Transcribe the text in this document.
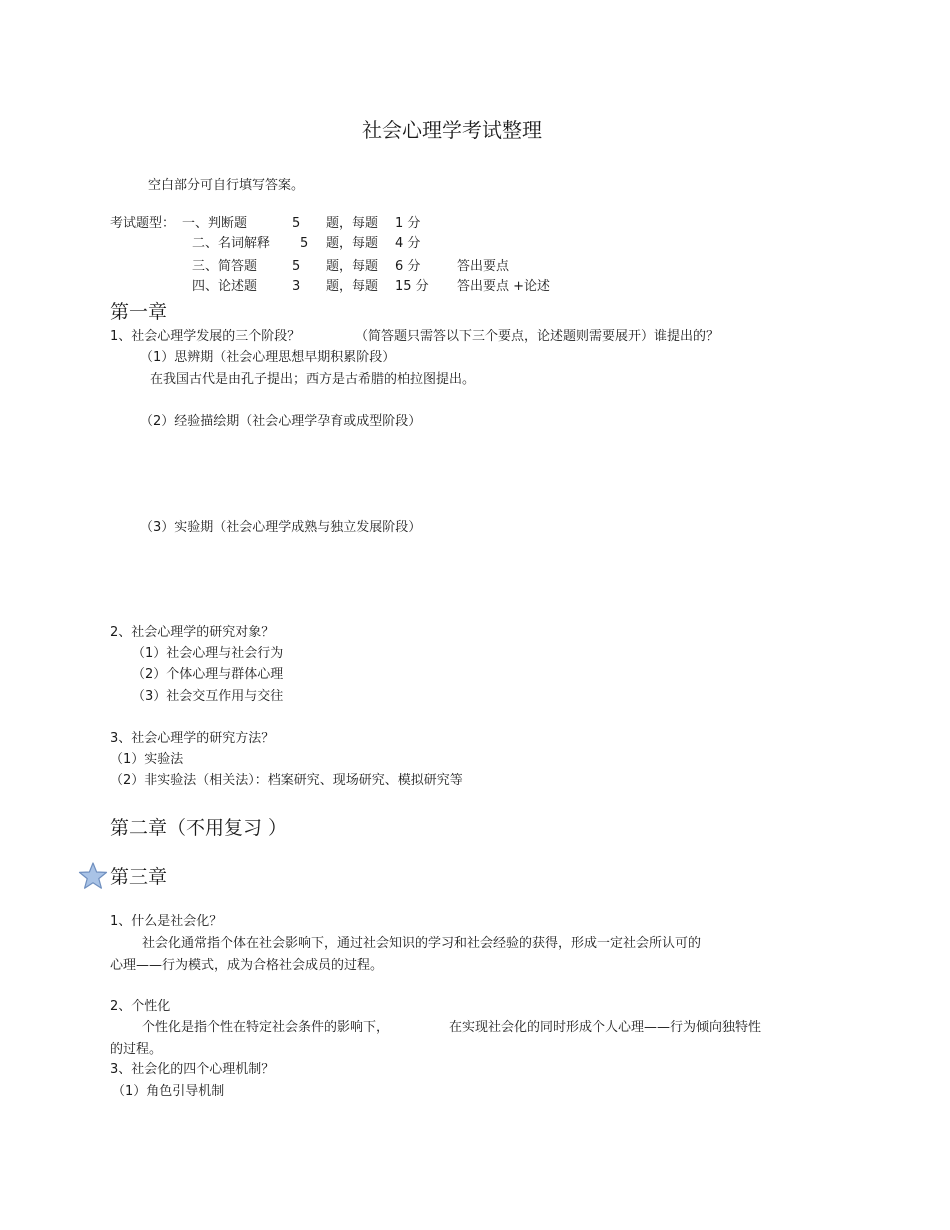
社会心理学考试整理
空白部分可自行填写答案。
考试题型： 一、判断题	5 题，每题 1 分
二、名词解释 5 题，每题 4 分
三、简答题	5 题，每题 6 分	答出要点
四、论述题	3 题，每题 15 分 答出要点 +论述
第一章
1、社会心理学发展的三个阶段？	（简答题只需答以下三个要点，论述题则需要展开）谁提出的？
（1）思辨期（社会心理思想早期积累阶段）
在我国古代是由孔子提出；西方是古希腊的柏拉图提出。
（2）经验描绘期（社会心理学孕育或成型阶段）
（3）实验期（社会心理学成熟与独立发展阶段）
2、社会心理学的研究对象？
（1）社会心理与社会行为
（2）个体心理与群体心理
（3）社会交互作用与交往
3、社会心理学的研究方法？
（1）实验法
（2）非实验法（相关法）：档案研究、现场研究、模拟研究等
第二章（不用复习 ）
第三章
1、什么是社会化？
社会化通常指个体在社会影响下，通过社会知识的学习和社会经验的获得，形成一定社会所认可的
心理——行为模式，成为合格社会成员的过程。
2、个性化
个性化是指个性在特定社会条件的影响下，	在实现社会化的同时形成个人心理——行为倾向独特性
的过程。
3、社会化的四个心理机制？
（1）角色引导机制
